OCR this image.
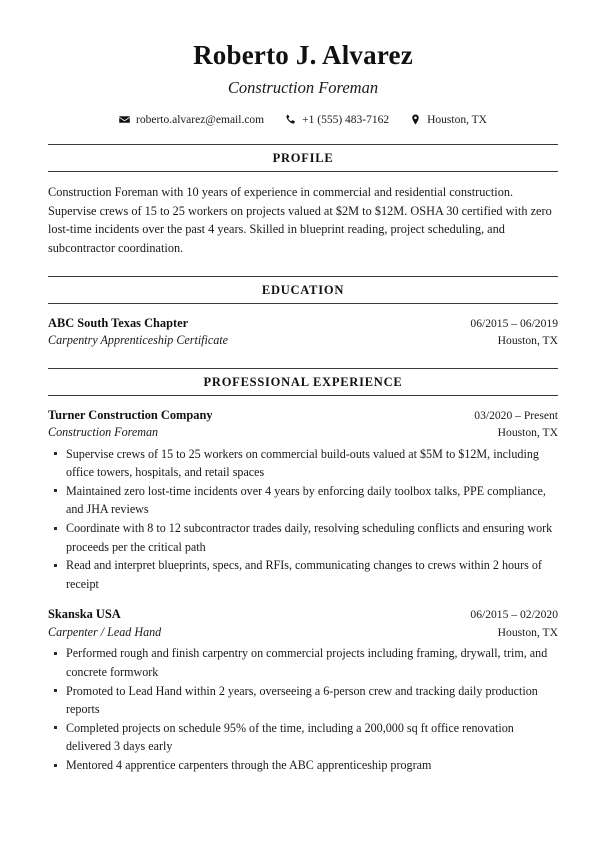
Roberto J. Alvarez
Construction Foreman
roberto.alvarez@email.com	+1 (555) 483-7162	Houston, TX
PROFILE
Construction Foreman with 10 years of experience in commercial and residential construction. Supervise crews of 15 to 25 workers on projects valued at $2M to $12M. OSHA 30 certified with zero lost-time incidents over the past 4 years. Skilled in blueprint reading, project scheduling, and subcontractor coordination.
EDUCATION
ABC South Texas Chapter	06/2015 – 06/2019
Carpentry Apprenticeship Certificate	Houston, TX
PROFESSIONAL EXPERIENCE
Turner Construction Company	03/2020 – Present
Construction Foreman	Houston, TX
Supervise crews of 15 to 25 workers on commercial build-outs valued at $5M to $12M, including office towers, hospitals, and retail spaces
Maintained zero lost-time incidents over 4 years by enforcing daily toolbox talks, PPE compliance, and JHA reviews
Coordinate with 8 to 12 subcontractor trades daily, resolving scheduling conflicts and ensuring work proceeds per the critical path
Read and interpret blueprints, specs, and RFIs, communicating changes to crews within 2 hours of receipt
Skanska USA	06/2015 – 02/2020
Carpenter / Lead Hand	Houston, TX
Performed rough and finish carpentry on commercial projects including framing, drywall, trim, and concrete formwork
Promoted to Lead Hand within 2 years, overseeing a 6-person crew and tracking daily production reports
Completed projects on schedule 95% of the time, including a 200,000 sq ft office renovation delivered 3 days early
Mentored 4 apprentice carpenters through the ABC apprenticeship program
